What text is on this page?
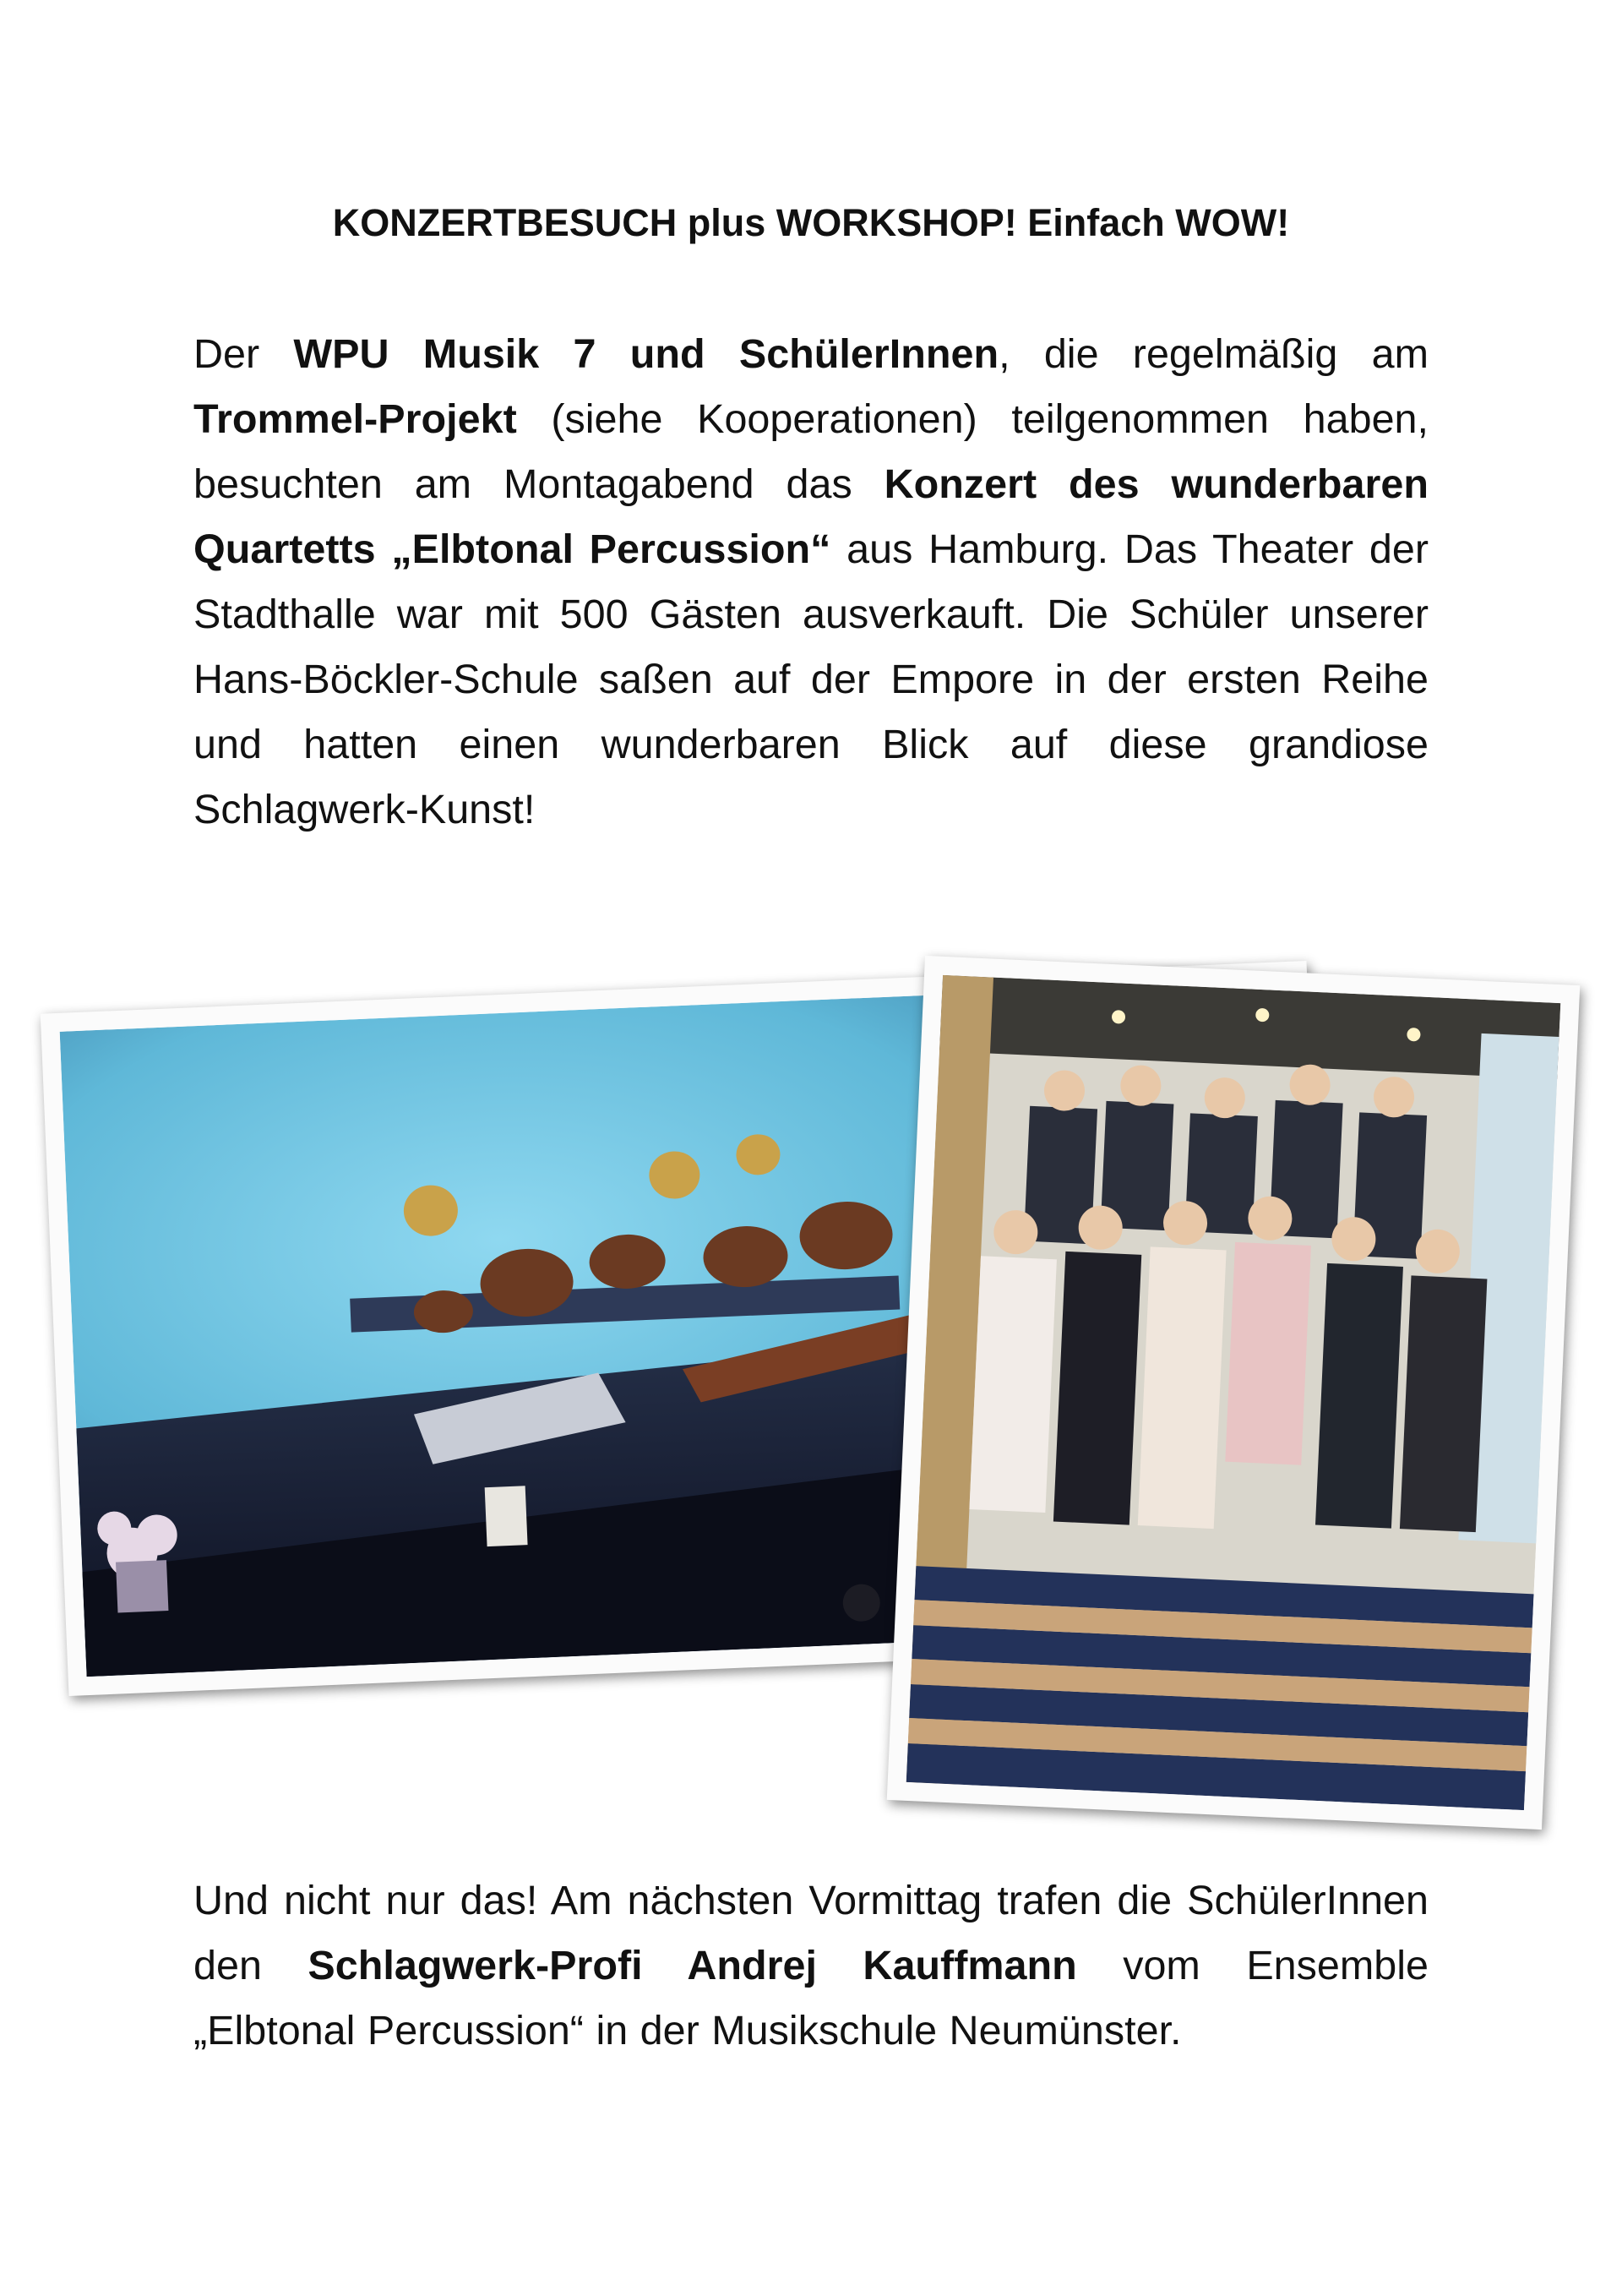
KONZERTBESUCH plus WORKSHOP! Einfach WOW!

Der WPU Musik 7 und SchülerInnen, die regelmäßig am Trommel-Projekt (siehe Kooperationen) teilgenommen haben, besuchten am Montagabend das Konzert des wunderbaren Quartetts „Elbtonal Percussion“ aus Hamburg. Das Theater der Stadthalle war mit 500 Gästen ausverkauft. Die Schüler unserer Hans-Böckler-Schule saßen auf der Empore in der ersten Reihe und hatten einen wunderbaren Blick auf diese grandiose Schlagwerk-Kunst!

Und nicht nur das! Am nächsten Vormittag trafen die SchülerInnen den Schlagwerk-Profi Andrej Kauffmann vom Ensemble „Elbtonal Percussion“ in der Musikschule Neumünster.
